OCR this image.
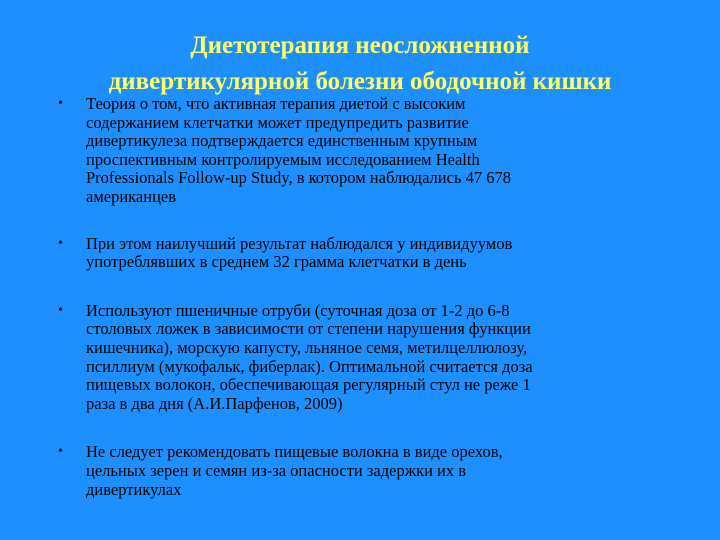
Диетотерапия неосложненной
дивертикулярной болезни ободочной кишки
• Теория о том, что активная терапия диетой с высоким
содержанием клетчатки может предупредить развитие
дивертикулеза подтверждается единственным крупным
проспективным контролируемым исследованием Health
Professionals Follow-up Study, в котором наблюдались 47 678
американцев
• При этом наилучший результат наблюдался у индивидуумов
употреблявших в среднем 32 грамма клетчатки в день
• Используют пшеничные отруби (суточная доза от 1-2 до 6-8
столовых ложек в зависимости от степени нарушения функции
кишечника), морскую капусту, льняное семя, метилцеллюлозу,
псиллиум (мукофальк, фиберлак). Оптимальной считается доза
пищевых волокон, обеспечивающая регулярный стул не реже 1
раза в два дня (А.И.Парфенов, 2009)
• Не следует рекомендовать пищевые волокна в виде орехов,
цельных зерен и семян из-за опасности задержки их в
дивертикулах
